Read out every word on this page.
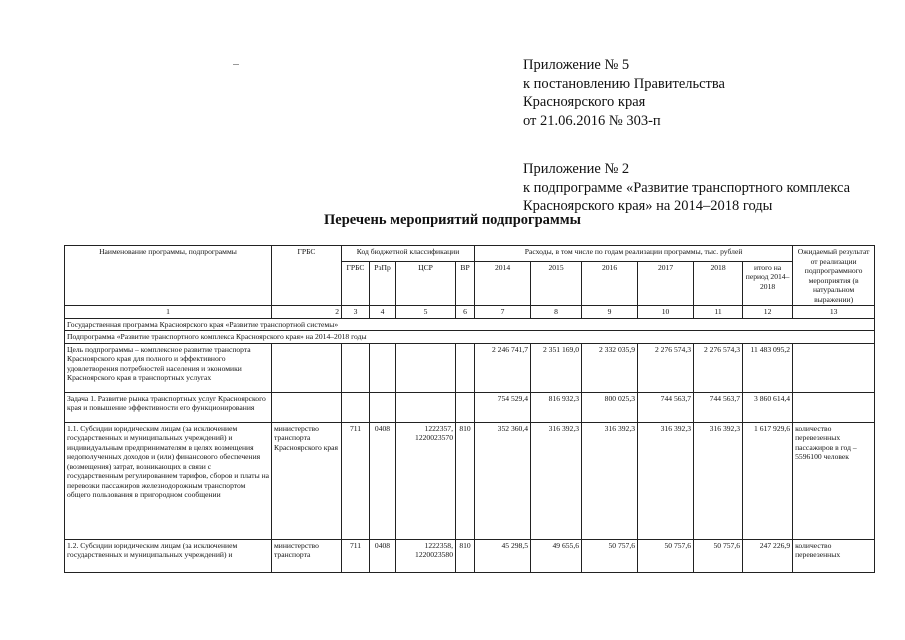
Приложение № 5
к постановлению Правительства
Красноярского края
от 21.06.2016 № 303-п
Приложение № 2
к подпрограмме «Развитие транспортного комплекса
Красноярского края» на 2014–2018 годы
Перечень мероприятий подпрограммы
Наименование программы, подпрограммы	ГРБС	Код бюджетной классификации				Расходы, в том числе по годам реализации программы, тыс. рублей						Ожидаемый результат от реализации подпрограммного мероприятия (в натуральном выражении)
		ГРБС	РзПр	ЦСР	ВР	2014	2015	2016	2017	2018	итого на период 2014–2018	
1	2	3	4	5	6	7	8	9	10	11	12	13
Государственная программа Красноярского края «Развитие транспортной системы»												
Подпрограмма «Развитие транспортного комплекса Красноярского края» на 2014–2018 годы												
Цель подпрограммы – комплексное развитие транспорта Красноярского края для полного и эффективного удовлетворения потребностей населения и экономики Красноярского края в транспортных услугах						2 246 741,7	2 351 169,0	2 332 035,9	2 276 574,3	2 276 574,3	11 483 095,2	
Задача 1. Развитие рынка транспортных услуг Красноярского края и повышение эффективности его функционирования						754 529,4	816 932,3	800 025,3	744 563,7	744 563,7	3 860 614,4	
1.1. Субсидии юридическим лицам (за исключением государственных и муниципальных учреждений) и индивидуальным предпринимателям в целях возмещения недополученных доходов и (или) финансового обеспечения (возмещения) затрат, возникающих в связи с государственным регулированием тарифов, сборов и платы на перевозки пассажиров железнодорожным транспортом общего пользования в пригородном сообщении	министерство транспорта Красноярского края	711	0408	1222357, 1220023570	810	352 360,4	316 392,3	316 392,3	316 392,3	316 392,3	1 617 929,6	количество перевезенных пассажиров в год – 5596100 человек
1.2. Субсидии юридическим лицам (за исключением государственных и муниципальных учреждений) и	министерство транспорта	711	0408	1222358, 1220023580	810	45 298,5	49 655,6	50 757,6	50 757,6	50 757,6	247 226,9	количество перевезенных
